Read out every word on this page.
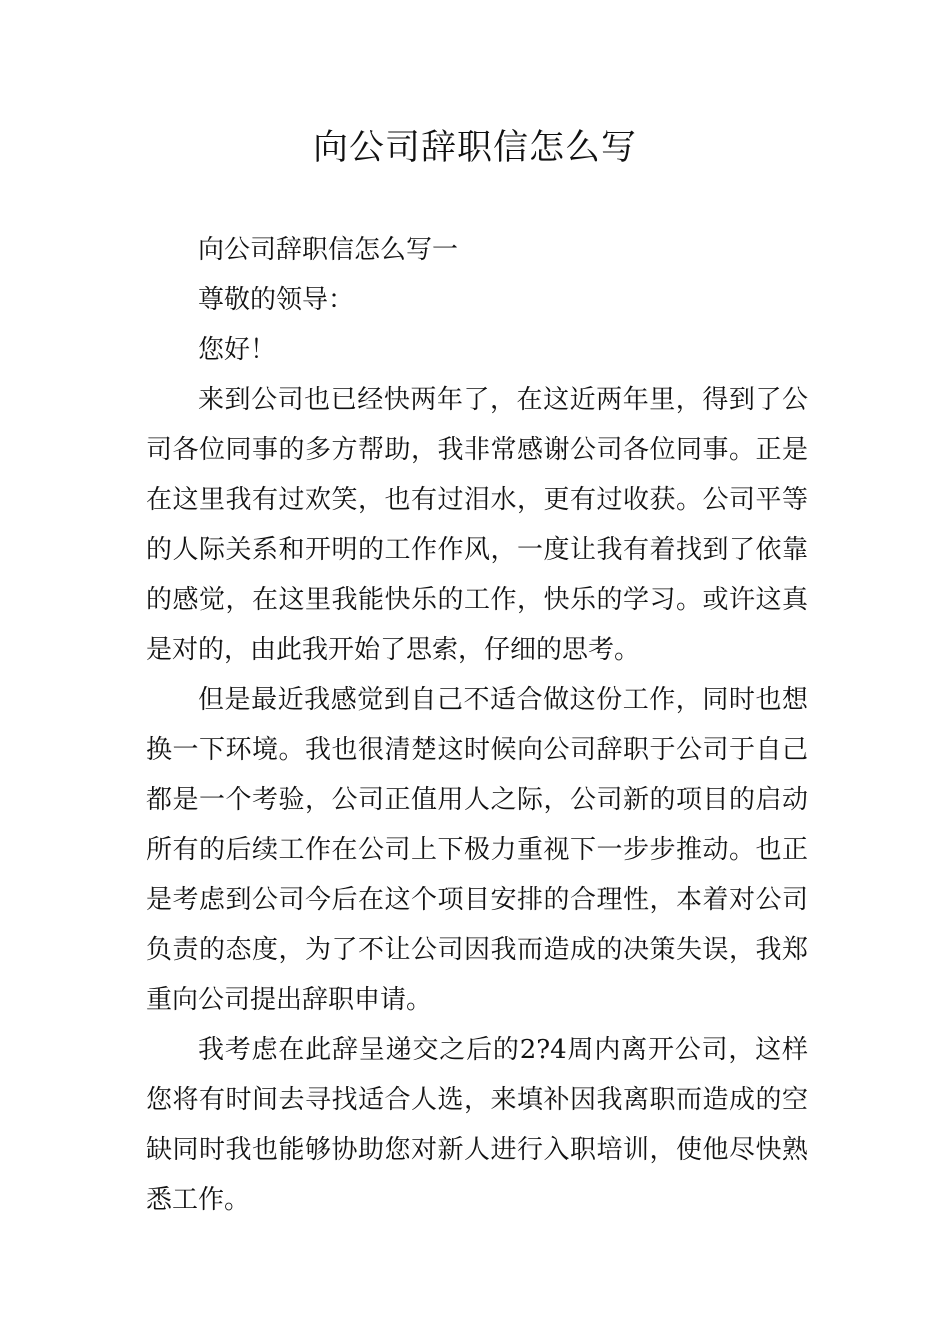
向公司辞职信怎么写

向公司辞职信怎么写一

尊敬的领导：

您好！

来到公司也已经快两年了，在这近两年里，得到了公司各位同事的多方帮助，我非常感谢公司各位同事。正是在这里我有过欢笑，也有过泪水，更有过收获。公司平等的人际关系和开明的工作作风，一度让我有着找到了依靠的感觉，在这里我能快乐的工作，快乐的学习。或许这真是对的，由此我开始了思索，仔细的思考。

但是最近我感觉到自己不适合做这份工作，同时也想换一下环境。我也很清楚这时候向公司辞职于公司于自己都是一个考验，公司正值用人之际，公司新的项目的启动所有的后续工作在公司上下极力重视下一步步推动。也正是考虑到公司今后在这个项目安排的合理性，本着对公司负责的态度，为了不让公司因我而造成的决策失误，我郑重向公司提出辞职申请。

我考虑在此辞呈递交之后的2?4周内离开公司，这样您将有时间去寻找适合人选，来填补因我离职而造成的空缺同时我也能够协助您对新人进行入职培训，使他尽快熟悉工作。
